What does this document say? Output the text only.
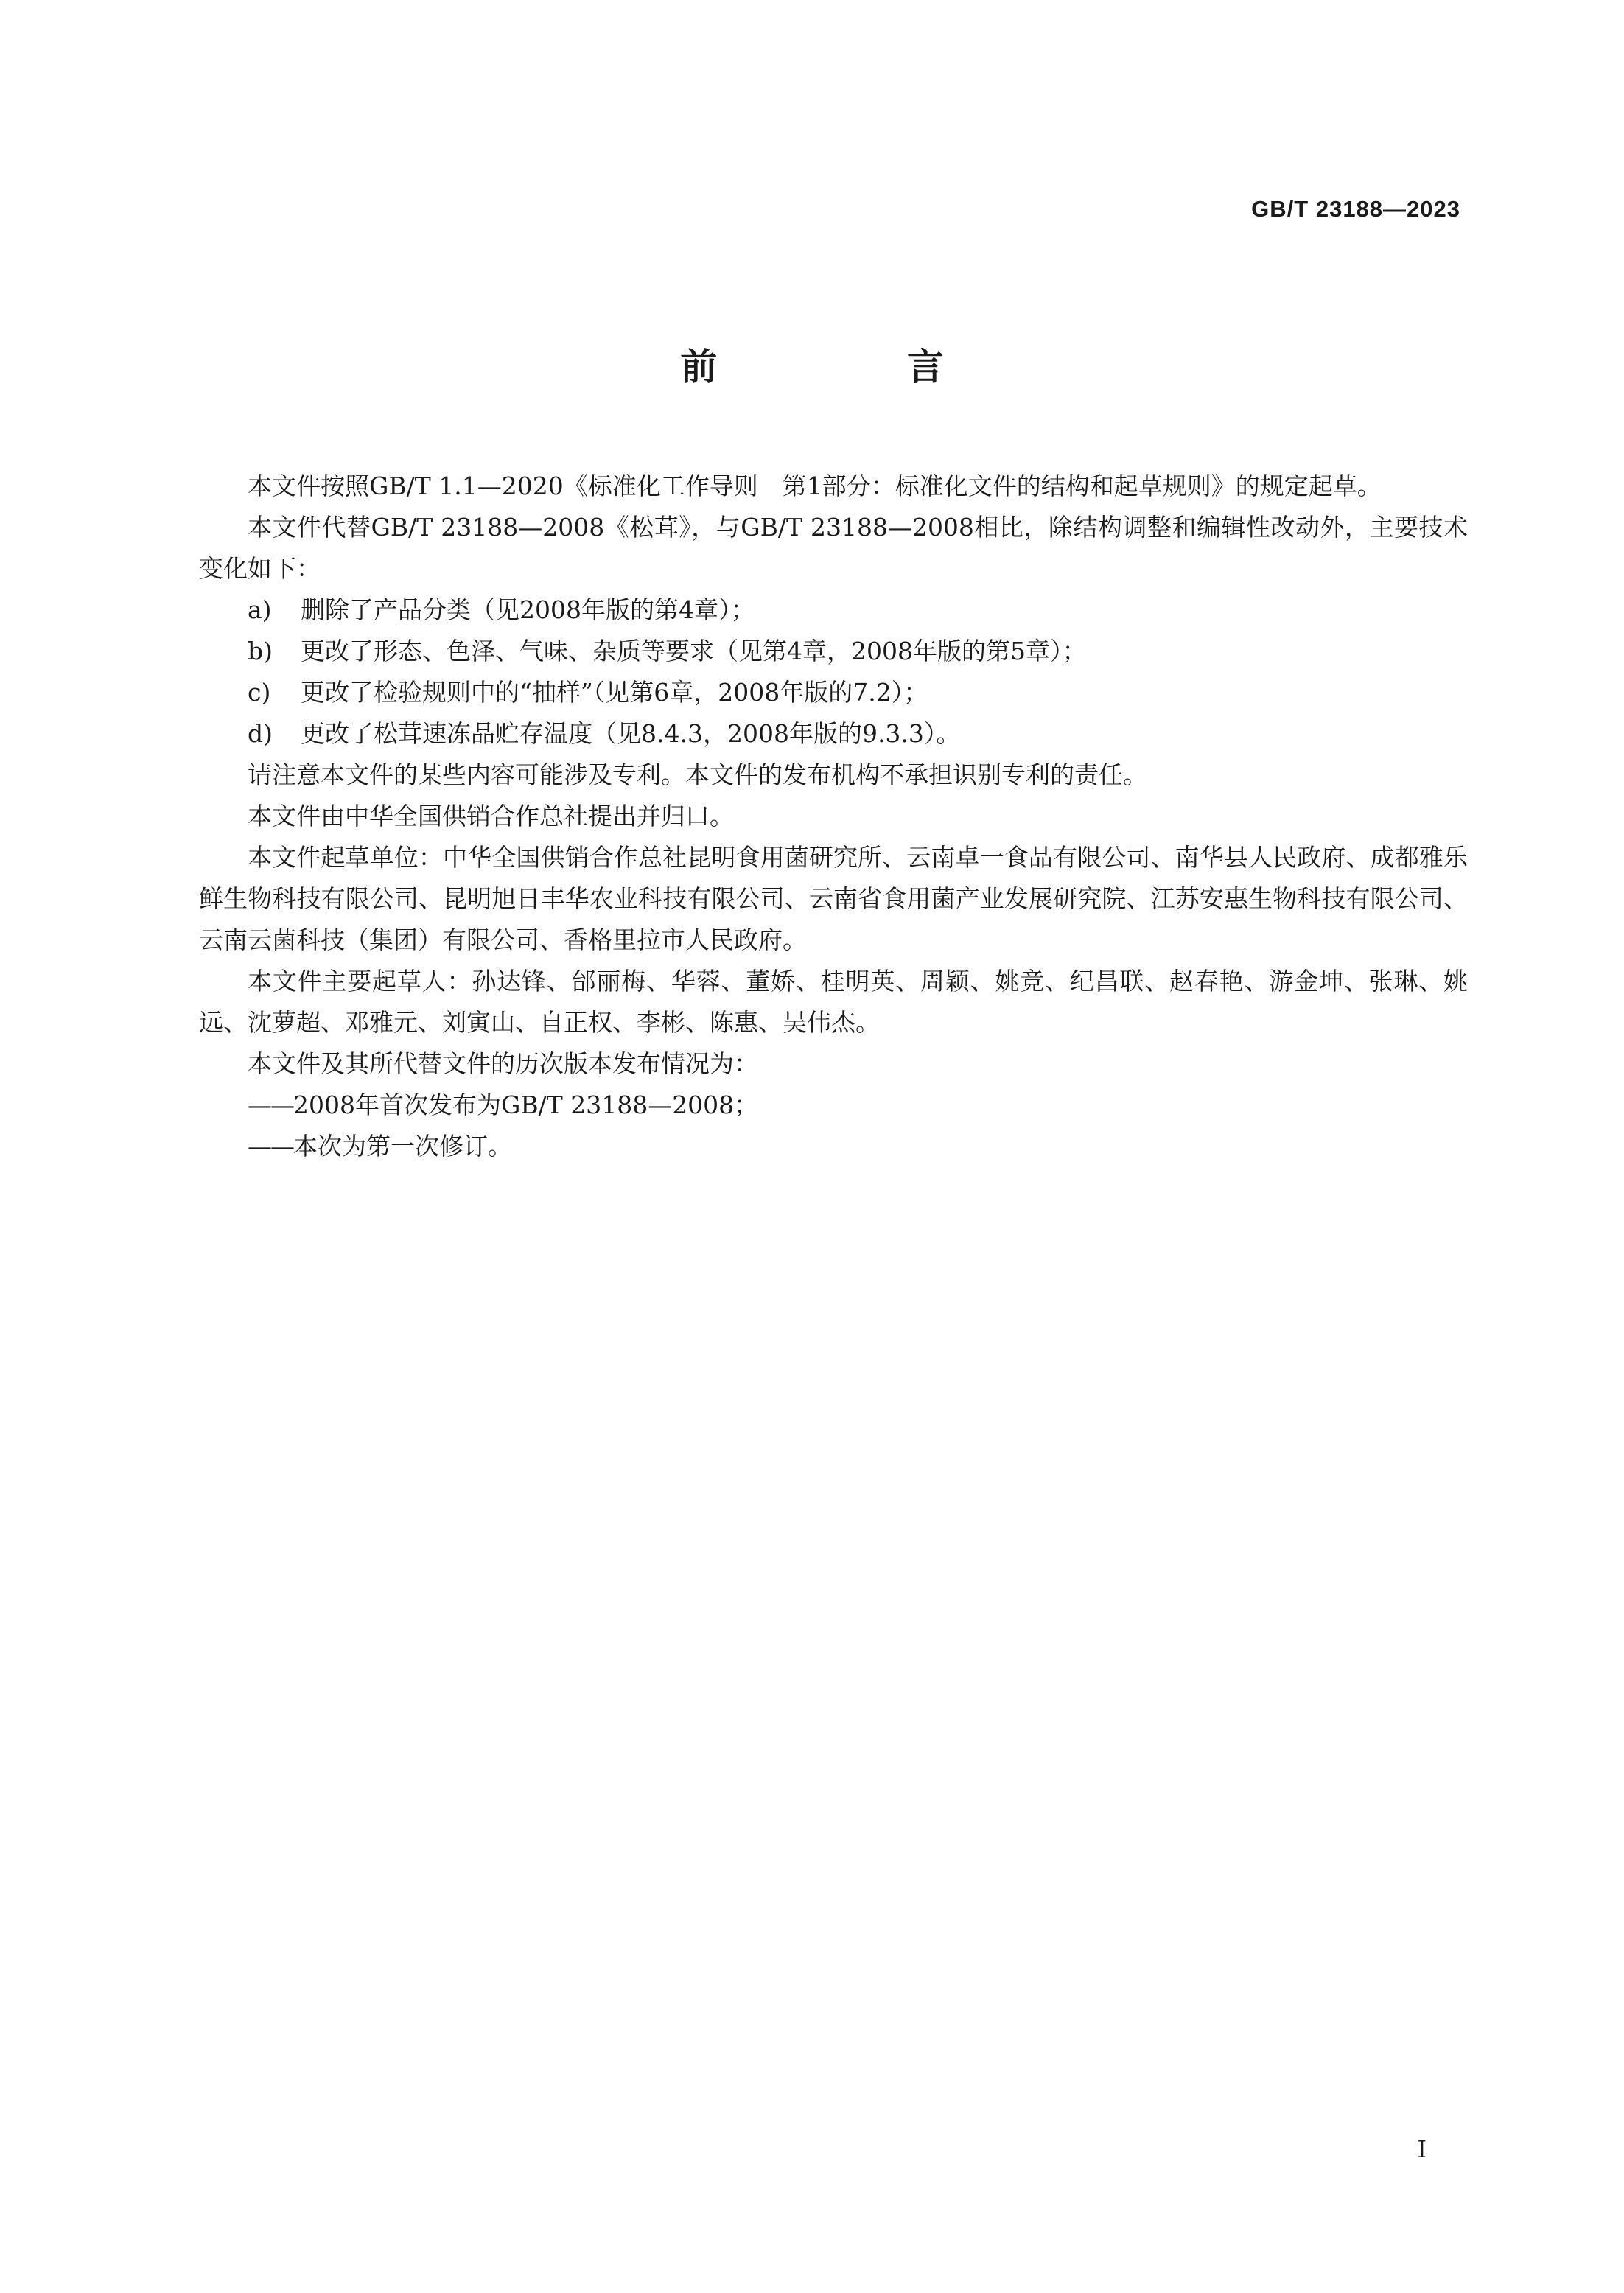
GB/T 23188—2023
前 言

本文件按照GB/T 1.1—2020《标准化工作导则　第1部分：标准化文件的结构和起草规则》的规定起草。

本文件代替GB/T 23188—2008《松茸》，与GB/T 23188—2008相比，除结构调整和编辑性改动外，主要技术变化如下：

a)	删除了产品分类（见2008年版的第4章）；

b)	更改了形态、色泽、气味、杂质等要求（见第4章，2008年版的第5章）；

c)	更改了检验规则中的“抽样”（见第6章，2008年版的7.2）；

d)	更改了松茸速冻品贮存温度（见8.4.3，2008年版的9.3.3）。

请注意本文件的某些内容可能涉及专利。本文件的发布机构不承担识别专利的责任。

本文件由中华全国供销合作总社提出并归口。

本文件起草单位：中华全国供销合作总社昆明食用菌研究所、云南卓一食品有限公司、南华县人民政府、成都雅乐鲜生物科技有限公司、昆明旭日丰华农业科技有限公司、云南省食用菌产业发展研究院、江苏安惠生物科技有限公司、云南云菌科技（集团）有限公司、香格里拉市人民政府。

本文件主要起草人：孙达锋、邰丽梅、华蓉、董娇、桂明英、周颖、姚竞、纪昌联、赵春艳、游金坤、张琳、姚远、沈萝超、邓雅元、刘寅山、自正权、李彬、陈惠、吴伟杰。

本文件及其所代替文件的历次版本发布情况为：

——2008年首次发布为GB/T 23188—2008；

——本次为第一次修订。

I
